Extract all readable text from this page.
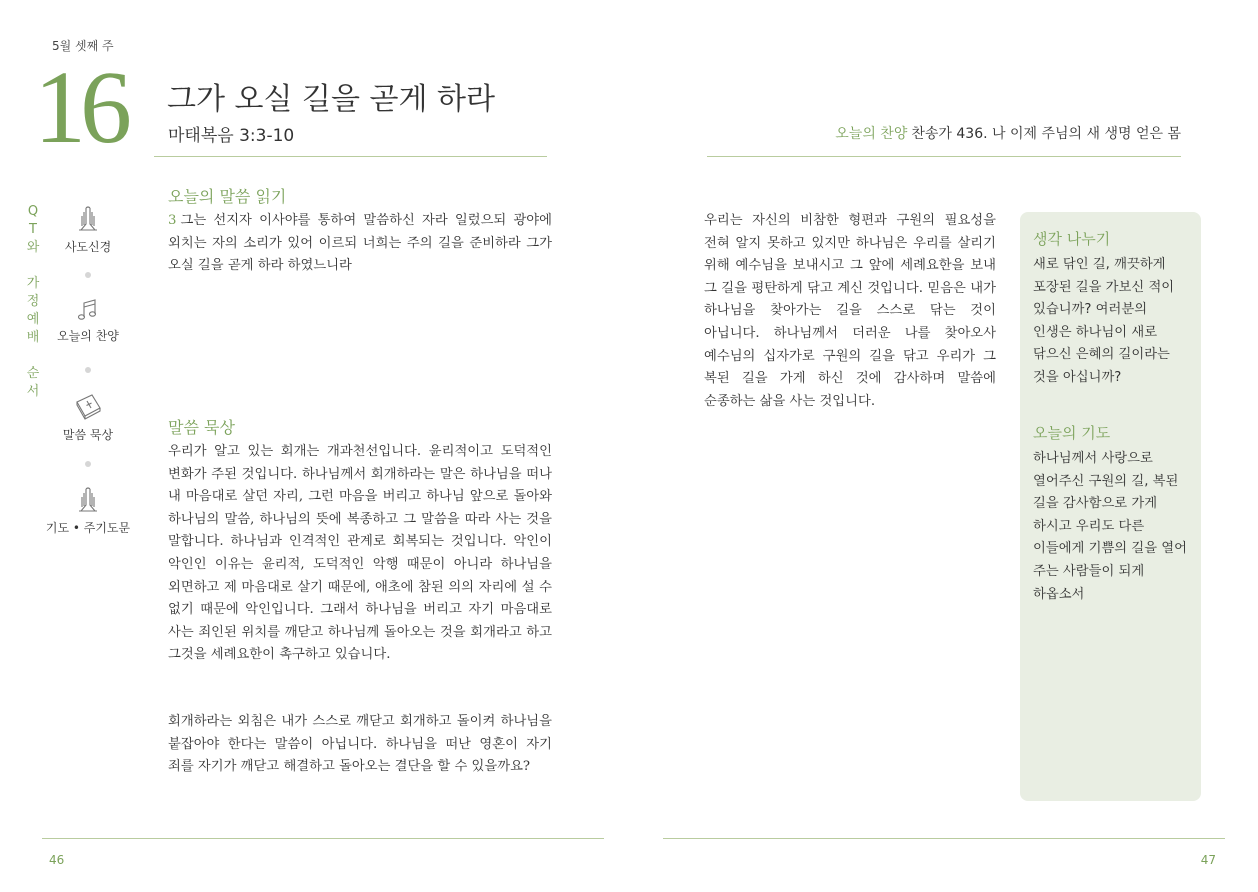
5월 셋째 주
16 그가 오실 길을 곧게 하라
마태복음 3:3-10	오늘의 찬양 찬송가 436. 나 이제 주님의 새 생명 얻은 몸
Q
T
와
가
정
예
배
순
서
사도신경
오늘의 찬양
말씀 묵상
기도 • 주기도문
오늘의 말씀 읽기
3 그는 선지자 이사야를 통하여 말씀하신 자라 일렀으되 광야에 외치는 자의 소리가 있어 이르되 너희는 주의 길을 준비하라 그가 오실 길을 곧게 하라 하였느니라
말씀 묵상
우리가 알고 있는 회개는 개과천선입니다. 윤리적이고 도덕적인 변화가 주된 것입니다. 하나님께서 회개하라는 말은 하나님을 떠나 내 마음대로 살던 자리, 그런 마음을 버리고 하나님 앞으로 돌아와 하나님의 말씀, 하나님의 뜻에 복종하고 그 말씀을 따라 사는 것을 말합니다. 하나님과 인격적인 관계로 회복되는 것입니다. 악인이 악인인 이유는 윤리적, 도덕적인 악행 때문이 아니라 하나님을 외면하고 제 마음대로 살기 때문에, 애초에 참된 의의 자리에 설 수 없기 때문에 악인입니다. 그래서 하나님을 버리고 자기 마음대로 사는 죄인된 위치를 깨닫고 하나님께 돌아오는 것을 회개라고 하고 그것을 세례요한이 촉구하고 있습니다.
회개하라는 외침은 내가 스스로 깨닫고 회개하고 돌이켜 하나님을 붙잡아야 한다는 말씀이 아닙니다. 하나님을 떠난 영혼이 자기 죄를 자기가 깨닫고 해결하고 돌아오는 결단을 할 수 있을까요?
우리는 자신의 비참한 형편과 구원의 필요성을 전혀 알지 못하고 있지만 하나님은 우리를 살리기 위해 예수님을 보내시고 그 앞에 세례요한을 보내 그 길을 평탄하게 닦고 계신 것입니다. 믿음은 내가 하나님을 찾아가는 길을 스스로 닦는 것이 아닙니다. 하나님께서 더러운 나를 찾아오사 예수님의 십자가로 구원의 길을 닦고 우리가 그 복된 길을 가게 하신 것에 감사하며 말씀에 순종하는 삶을 사는 것입니다.
생각 나누기
새로 닦인 길, 깨끗하게 포장된 길을 가보신 적이 있습니까? 여러분의 인생은 하나님이 새로 닦으신 은혜의 길이라는 것을 아십니까?
오늘의 기도
하나님께서 사랑으로 열어주신 구원의 길, 복된 길을 감사함으로 가게 하시고 우리도 다른 이들에게 기쁨의 길을 열어 주는 사람들이 되게 하옵소서
46	47
